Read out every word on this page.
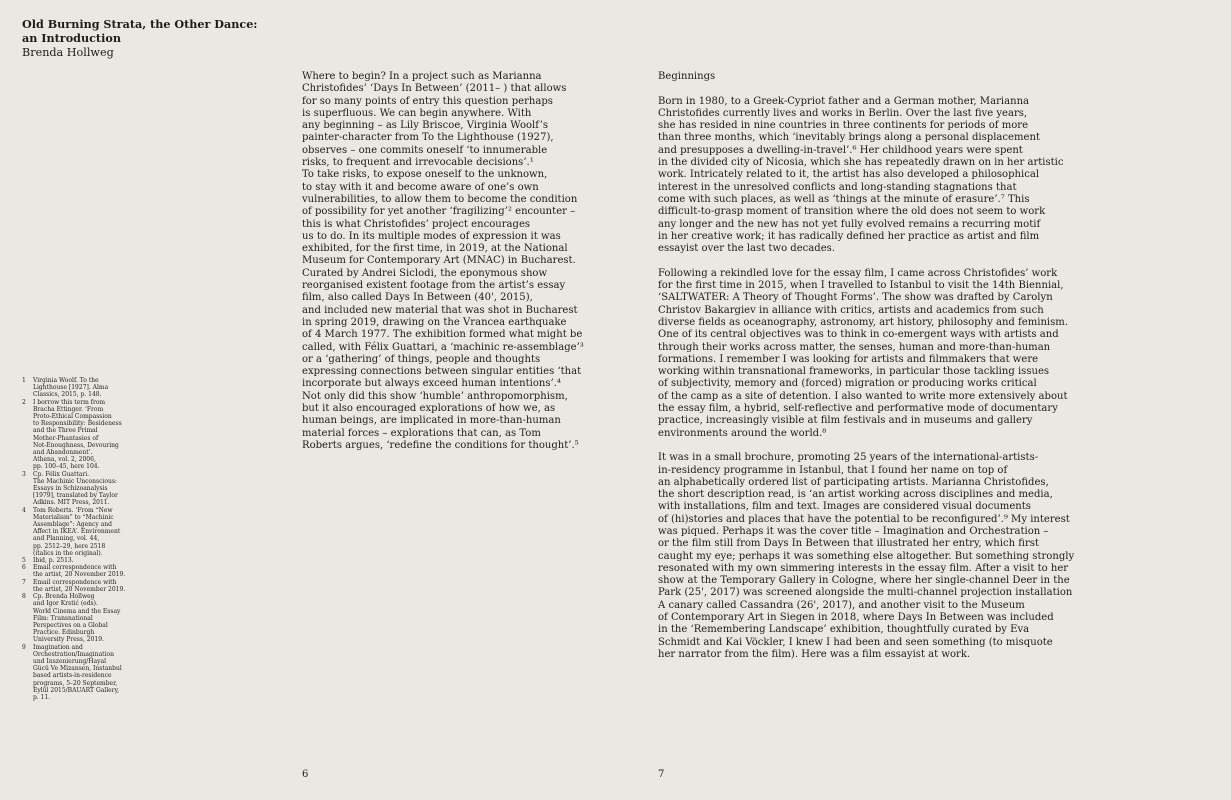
Old Burning Strata, the Other Dance:
an Introduction
Brenda Hollweg
Where to begin? In a project such as Marianna
Christofides’ ‘Days In Between’ (2011– ) that allows
for so many points of entry this question perhaps
is superfluous. We can begin anywhere. With
any beginning – as Lily Briscoe, Virginia Woolf’s
painter-character from To the Lighthouse (1927),
observes – one commits oneself ‘to innumerable
risks, to frequent and irrevocable decisions’.¹
To take risks, to expose oneself to the unknown,
to stay with it and become aware of one’s own
vulnerabilities, to allow them to become the condition
of possibility for yet another ‘fragilizing’² encounter –
this is what Christofides’ project encourages
us to do. In its multiple modes of expression it was
exhibited, for the first time, in 2019, at the National
Museum for Contemporary Art (MNAC) in Bucharest.
Curated by Andrei Siclodi, the eponymous show
reorganised existent footage from the artist’s essay
film, also called Days In Between (40', 2015),
and included new material that was shot in Bucharest
in spring 2019, drawing on the Vrancea earthquake
of 4 March 1977. The exhibition formed what might be
called, with Félix Guattari, a ‘machinic re-assemblage’³
or a ‘gathering’ of things, people and thoughts
expressing connections between singular entities ‘that
incorporate but always exceed human intentions’.⁴
Not only did this show ‘humble’ anthropomorphism,
but it also encouraged explorations of how we, as
human beings, are implicated in more-than-human
material forces – explorations that can, as Tom
Roberts argues, ‘redefine the conditions for thought’.⁵
Beginnings
Born in 1980, to a Greek-Cypriot father and a German mother, Marianna
Christofides currently lives and works in Berlin. Over the last five years,
she has resided in nine countries in three continents for periods of more
than three months, which ‘inevitably brings along a personal displacement
and presupposes a dwelling-in-travel’.⁶ Her childhood years were spent
in the divided city of Nicosia, which she has repeatedly drawn on in her artistic
work. Intricately related to it, the artist has also developed a philosophical
interest in the unresolved conflicts and long-standing stagnations that
come with such places, as well as ‘things at the minute of erasure’.⁷ This
difficult-to-grasp moment of transition where the old does not seem to work
any longer and the new has not yet fully evolved remains a recurring motif
in her creative work; it has radically defined her practice as artist and film
essayist over the last two decades.
Following a rekindled love for the essay film, I came across Christofides’ work
for the first time in 2015, when I travelled to Istanbul to visit the 14th Biennial,
‘SALTWATER: A Theory of Thought Forms’. The show was drafted by Carolyn
Christov Bakargiev in alliance with critics, artists and academics from such
diverse fields as oceanography, astronomy, art history, philosophy and feminism.
One of its central objectives was to think in co-emergent ways with artists and
through their works across matter, the senses, human and more-than-human
formations. I remember I was looking for artists and filmmakers that were
working within transnational frameworks, in particular those tackling issues
of subjectivity, memory and (forced) migration or producing works critical
of the camp as a site of detention. I also wanted to write more extensively about
the essay film, a hybrid, self-reflective and performative mode of documentary
practice, increasingly visible at film festivals and in museums and gallery
environments around the world.⁸
It was in a small brochure, promoting 25 years of the international-artists-
in-residency programme in Istanbul, that I found her name on top of
an alphabetically ordered list of participating artists. Marianna Christofides,
the short description read, is ‘an artist working across disciplines and media,
with installations, film and text. Images are considered visual documents
of (hi)stories and places that have the potential to be reconfigured’.⁹ My interest
was piqued. Perhaps it was the cover title – Imagination and Orchestration –
or the film still from Days In Between that illustrated her entry, which first
caught my eye; perhaps it was something else altogether. But something strongly
resonated with my own simmering interests in the essay film. After a visit to her
show at the Temporary Gallery in Cologne, where her single-channel Deer in the
Park (25', 2017) was screened alongside the multi-channel projection installation
A canary called Cassandra (26', 2017), and another visit to the Museum
of Contemporary Art in Siegen in 2018, where Days In Between was included
in the ‘Remembering Landscape’ exhibition, thoughtfully curated by Eva
Schmidt and Kai Vöckler, I knew I had been and seen something (to misquote
her narrator from the film). Here was a film essayist at work.
1	Virginia Woolf. To the
Lighthouse [1927]. Alma
Classics, 2015, p. 148.
2	I borrow this term from
Bracha Ettinger. ‘From
Proto-Ethical Compassion
to Responsibility: Besideness
and the Three Primal
Mother-Phantasies of
Not-Enoughness, Devouring
and Abandonment’.
Athena, vol. 2, 2006,
pp. 100–45, here 104.
3	Cp. Félix Guattari.
The Machinic Unconscious:
Essays in Schizoanalysis
[1979], translated by Taylor
Adkins. MIT Press, 2011.
4	Tom Roberts. ‘From “New
Materialism” to “Machinic
Assemblage”: Agency and
Affect in IKEA’. Environment
and Planning, vol. 44,
pp. 2512–29, here 2518
(italics in the original).
5	Ibid, p. 2513.
6	Email correspondence with
the artist, 20 November 2019.
7	Email correspondence with
the artist, 20 November 2019.
8	Cp. Brenda Hollweg
and Igor Krstić (eds).
World Cinema and the Essay
Film: Transnational
Perspectives on a Global
Practice. Edinburgh
University Press, 2019.
9	Imagination and
Orchestration/Imagination
und Inszenierung/Hayal
Gücü Ve Mizansen, Instanbul
based artists-in-residence
programs, 5–20 September,
Eylül 2015/BAUART Gallery,
p. 11.
6	7
